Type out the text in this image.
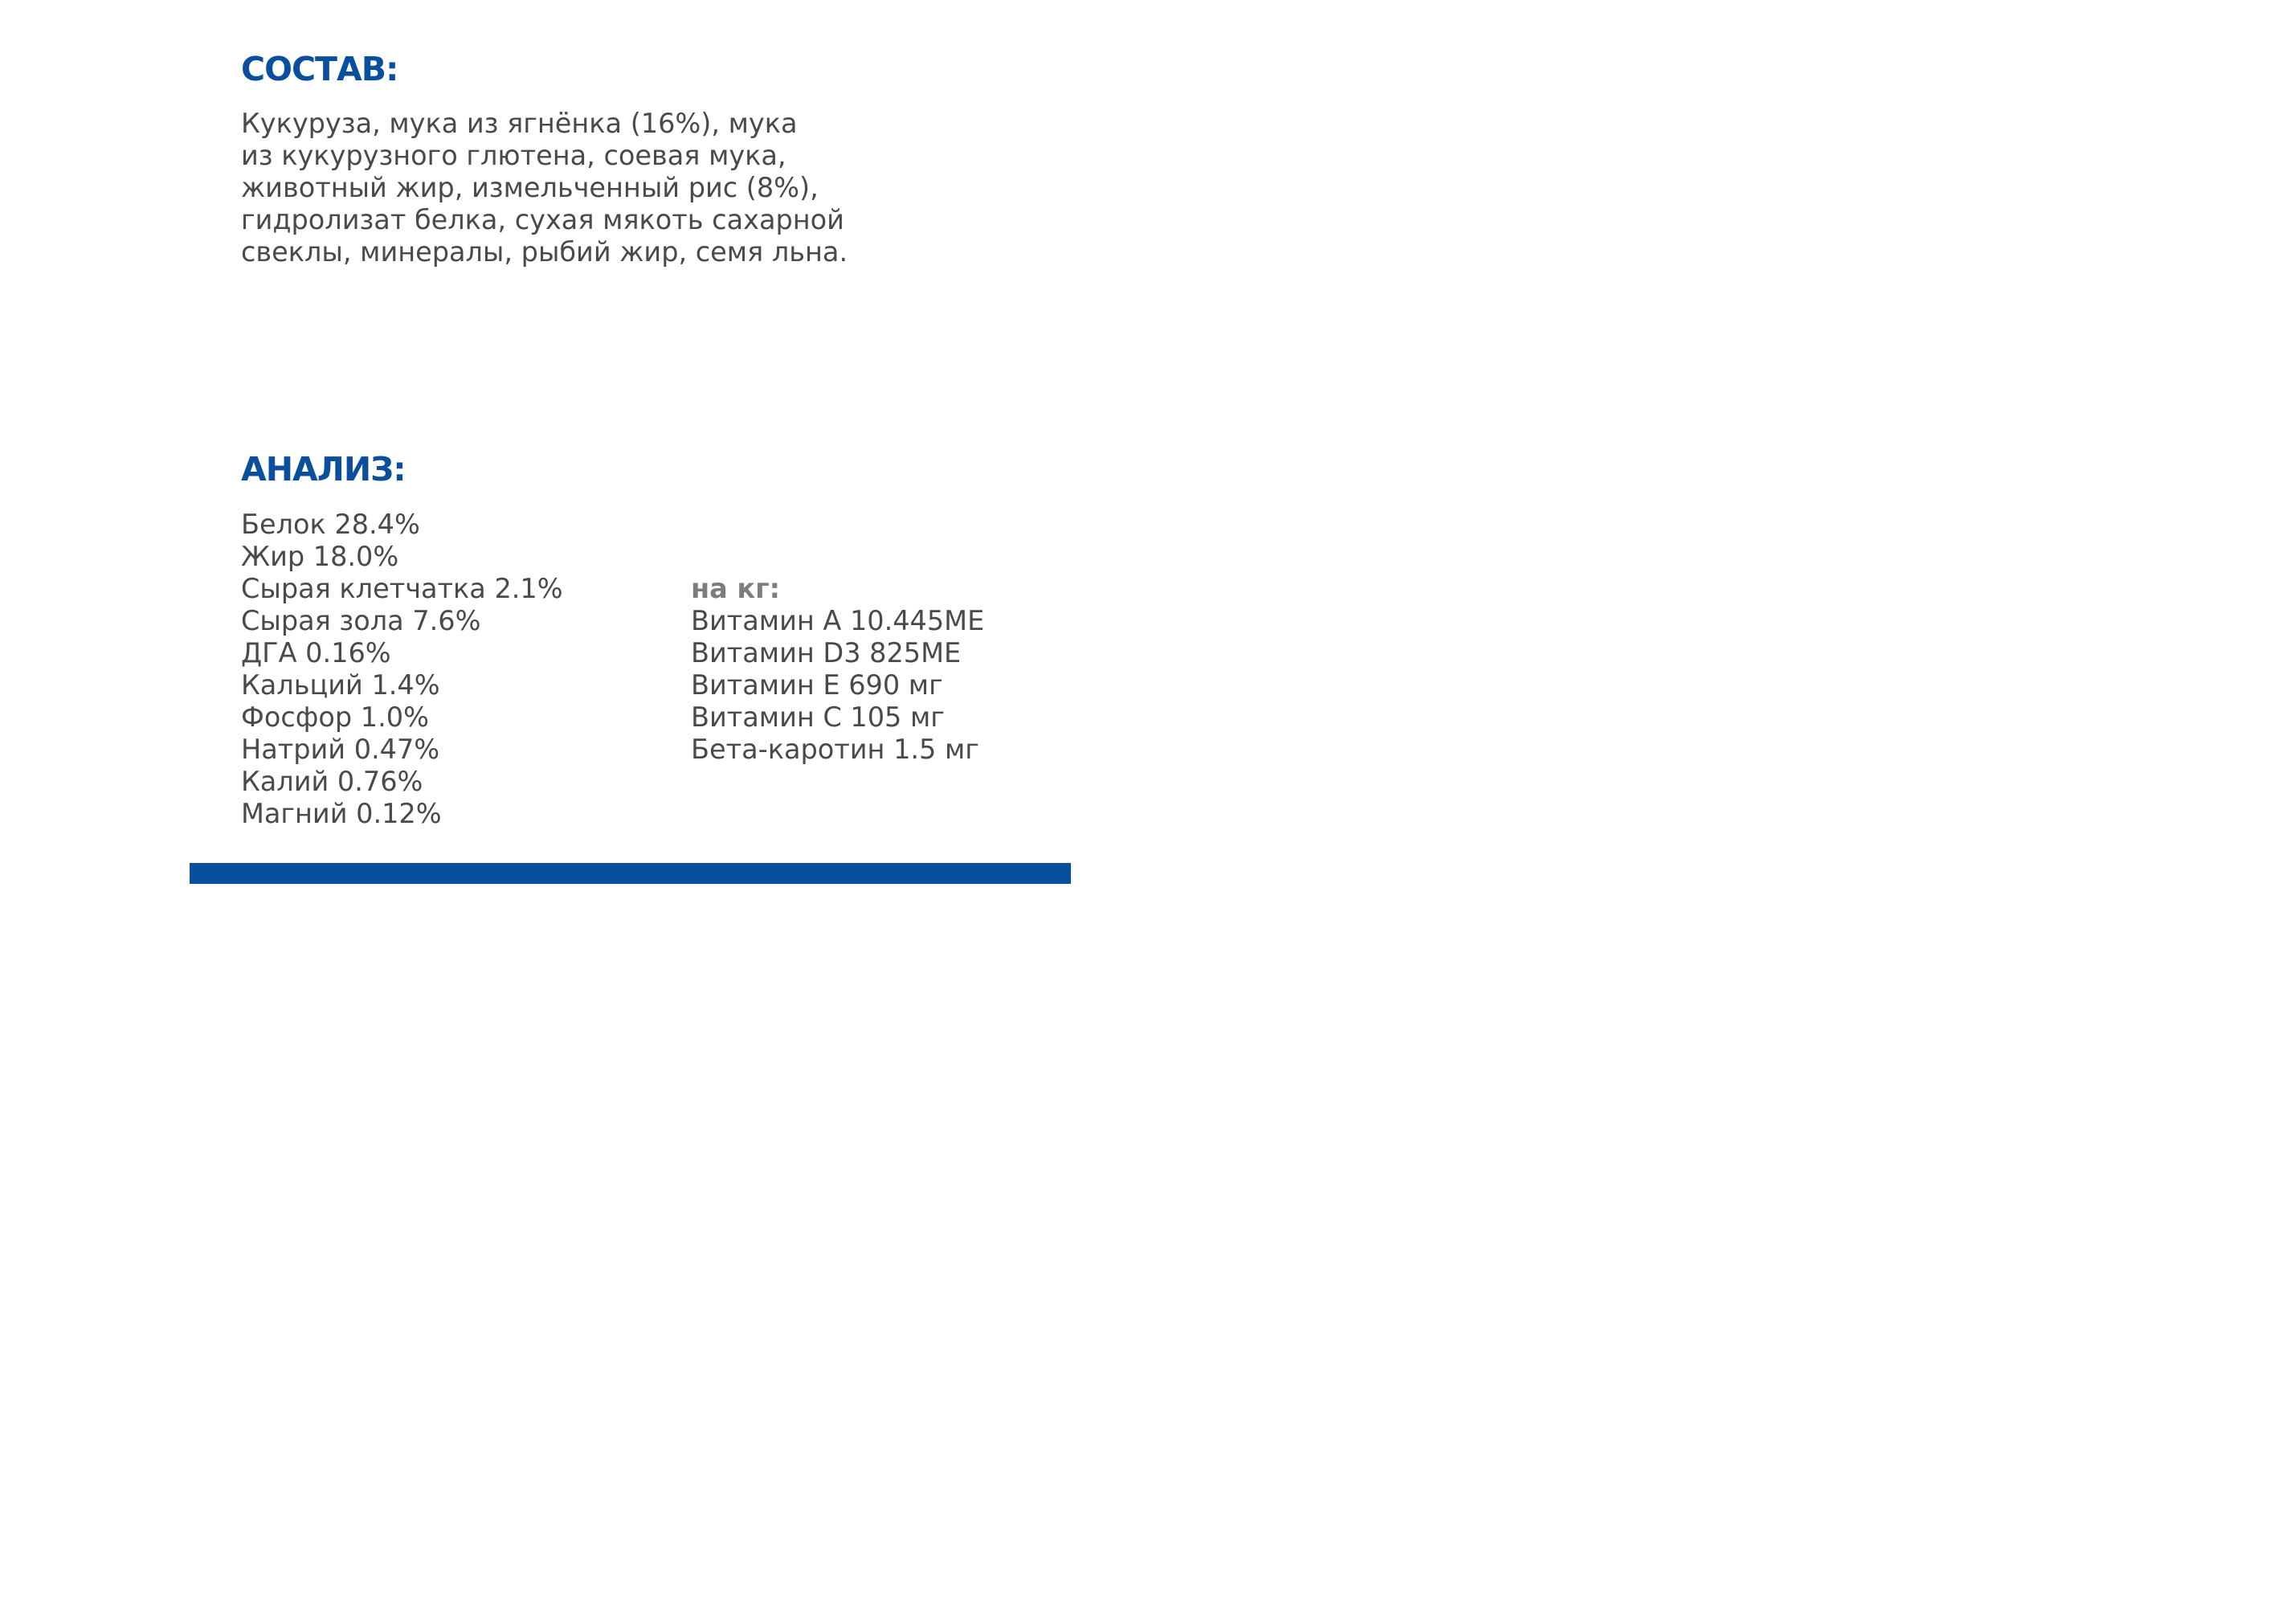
СОСТАВ:

Кукуруза, мука из ягнёнка (16%), мука
из кукурузного глютена, соевая мука,
животный жир, измельченный рис (8%),
гидролизат белка, сухая мякоть сахарной
свеклы, минералы, рыбий жир, семя льна.

АНАЛИЗ:
Белок 28.4%
Жир 18.0%
Сырая клетчатка 2.1%
Сырая зола 7.6%
ДГА 0.16%
Кальций 1.4%
Фосфор 1.0%
Натрий 0.47%
Калий 0.76%
Магний 0.12%
на кг:
Витамин А 10.445МЕ
Витамин D3 825МЕ
Витамин Е 690 мг
Витамин С 105 мг
Бета-каротин 1.5 мг
